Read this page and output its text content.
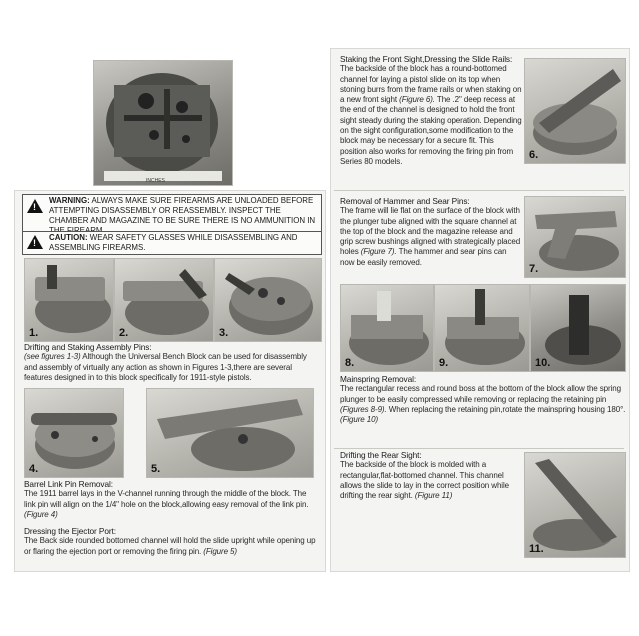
INCHES
!
WARNING: ALWAYS MAKE SURE FIREARMS ARE UNLOADED BEFORE ATTEMPTING DISASSEMBLY OR REASSEMBLY. INSPECT THE CHAMBER AND MAGAZINE TO BE SURE THERE IS NO AMMUNITION IN
!
CAUTION: WEAR SAFETY GLASSES WHILE DISASSEMBLING AND ASSEMBLING FIREARMS.
1.	2.	3.
Drifting and Staking Assembly Pins:
(see figures 1-3) Although the Universal Bench Block can be used for disassembly and assembly of virtually any action as shown in Figures 1-3,there are several features designed in to this block specifically for 1911-style pistols.
4.	5.
Barrel Link Pin Removal:
The 1911 barrel lays in the V-channel running through the middle of the block. The link pin will align on the 1/4" hole on the block,allowing easy removal of the link pin. (Figure 4)
Dressing the Ejector Port:
The Back side rounded bottomed channel will hold the slide upright while opening up or flaring the ejection port or removing the firing pin. (Figure 5)
Staking the Front Sight,Dressing the Slide Rails:
The backside of the block has a round-bottomed channel for laying a pistol slide on its top when stoning burrs from the frame rails or when staking on a new front sight (Figure 6). The .2" deep recess at the end of the channel is designed to hold the front sight steady during the staking operation. Depending on the sight configuration,some modification to the block may be necessary for a secure fit. This position also works for removing the firing pin from Series 80 models.
6.
Removal of Hammer and Sear Pins:
The frame will lie flat on the surface of the block with the plunger tube aligned with the square channel at the top of the block and the magazine release and grip screw bushings aligned with strategically placed holes (Figure 7). The hammer and sear pins can now be easily removed.
7.
8.	9.	10.
Mainspring Removal:
The rectangular recess and round boss at the bottom of the block allow the spring plunger to be easily compressed while removing or replacing the retaining pin (Figures 8-9). When replacing the retaining pin,rotate the mainspring housing 180°. (Figure 10)
Drifting the Rear Sight:
The backside of the block is molded with a rectangular,flat-bottomed channel. This channel allows the slide to lay in the correct position while drifting the rear sight. (Figure 11)
11.
